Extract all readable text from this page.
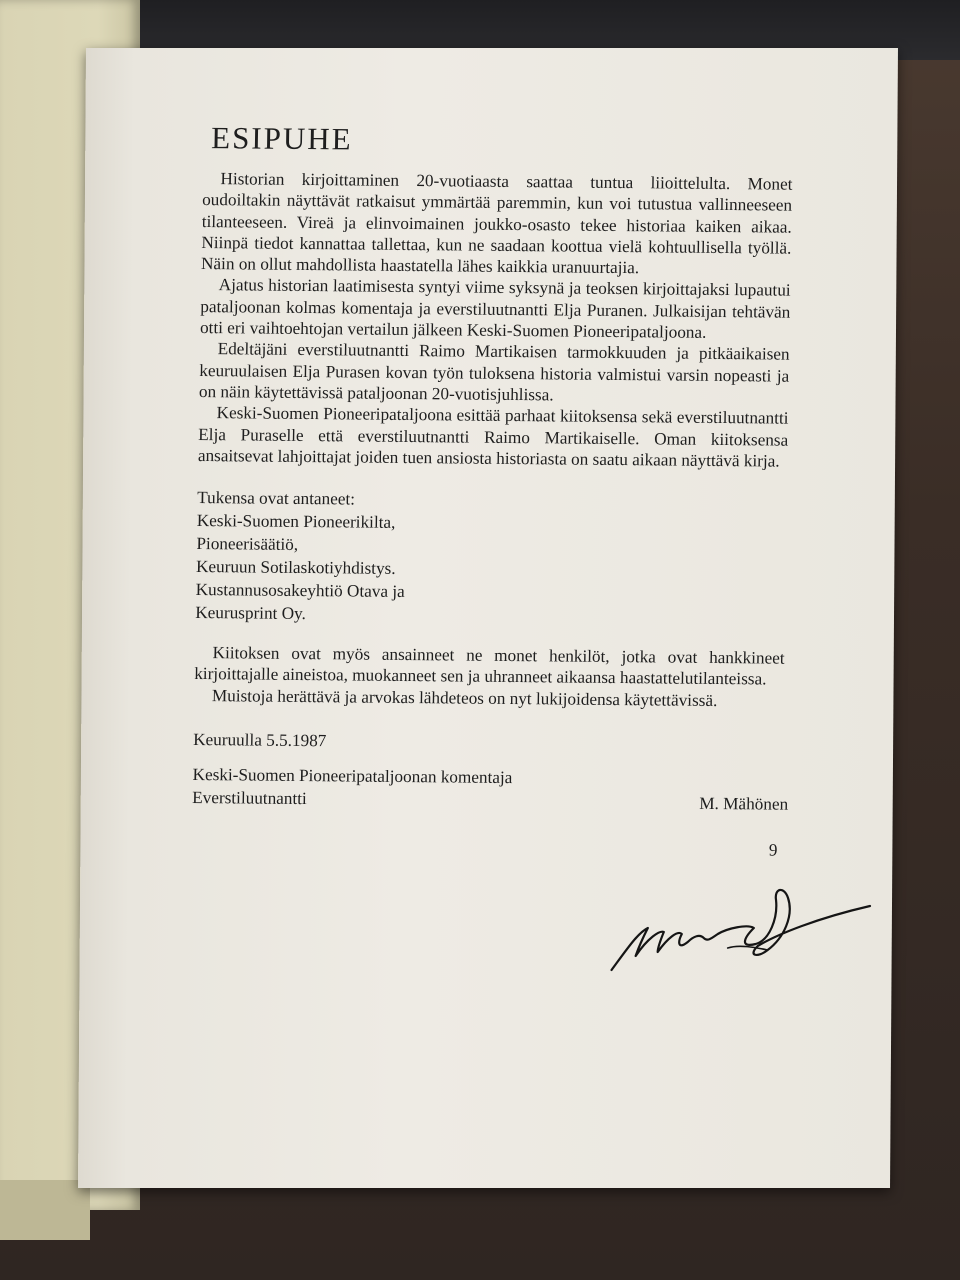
ESIPUHE

Historian kirjoittaminen 20-vuotiaasta saattaa tuntua liioittelulta. Monet oudoiltakin näyttävät ratkaisut ymmärtää paremmin, kun voi tutustua vallinneeseen tilanteeseen. Vireä ja elinvoimainen joukko-osasto tekee historiaa kaiken aikaa. Niinpä tiedot kannattaa tallettaa, kun ne saadaan koottua vielä kohtuullisella työllä. Näin on ollut mahdollista haastatella lähes kaikkia uranuurtajia.

Ajatus historian laatimisesta syntyi viime syksynä ja teoksen kirjoittajaksi lupautui pataljoonan kolmas komentaja ja everstiluutnantti Elja Puranen. Julkaisijan tehtävän otti eri vaihtoehtojan vertailun jälkeen Keski-Suomen Pioneeripataljoona.

Edeltäjäni everstiluutnantti Raimo Martikaisen tarmokkuuden ja pitkäaikaisen keuruulaisen Elja Purasen kovan työn tuloksena historia valmistui varsin nopeasti ja on näin käytettävissä pataljoonan 20-vuotisjuhlissa.

Keski-Suomen Pioneeripataljoona esittää parhaat kiitoksensa sekä everstiluutnantti Elja Puraselle että everstiluutnantti Raimo Martikaiselle. Oman kiitoksensa ansaitsevat lahjoittajat joiden tuen ansiosta historiasta on saatu aikaan näyttävä kirja.

Tukensa ovat antaneet:
Keski-Suomen Pioneerikilta,
Pioneerisäätiö,
Keuruun Sotilaskotiyhdistys.
Kustannusosakeyhtiö Otava ja
Keurusprint Oy.

Kiitoksen ovat myös ansainneet ne monet henkilöt, jotka ovat hankkineet kirjoittajalle aineistoa, muokanneet sen ja uhranneet aikaansa haastattelutilanteissa.

Muistoja herättävä ja arvokas lähdeteos on nyt lukijoidensa käytettävissä.

Keuruulla 5.5.1987
Keski-Suomen Pioneeripataljoonan komentaja
Everstiluutnantti	M. Mähönen
9
